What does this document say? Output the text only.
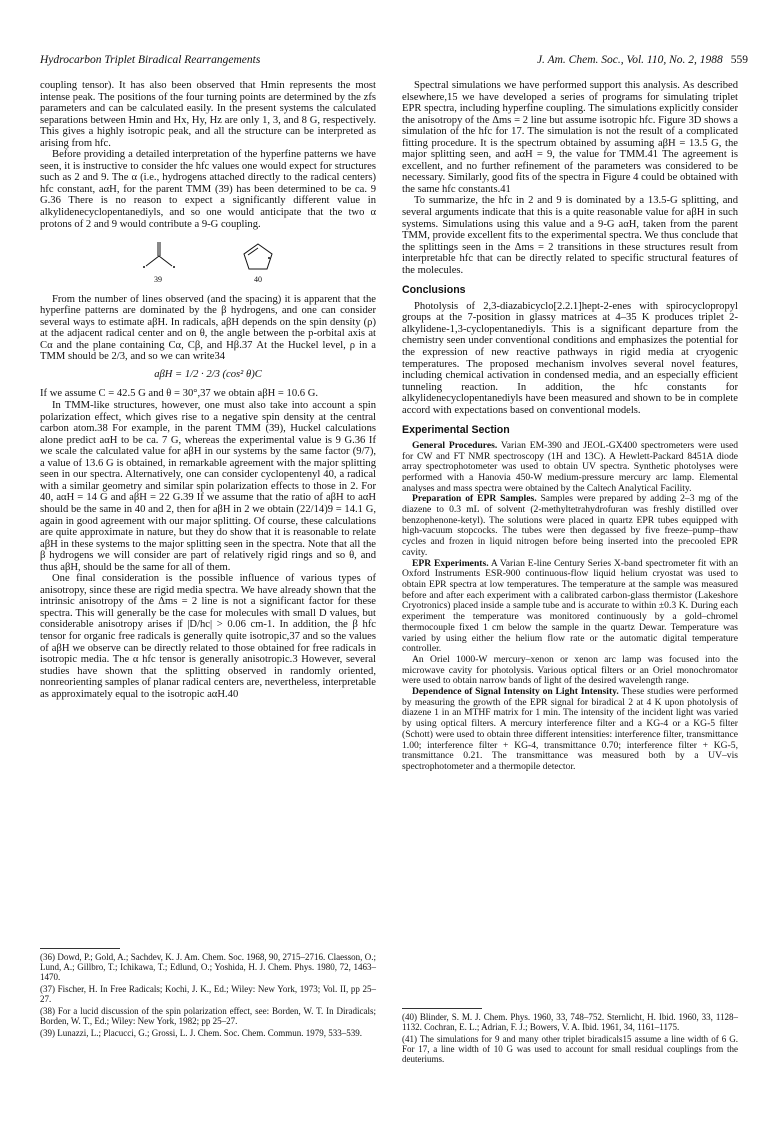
Hydrocarbon Triplet Biradical Rearrangements	J. Am. Chem. Soc., Vol. 110, No. 2, 1988 559

coupling tensor). It has also been observed that Hmin represents the most intense peak. The positions of the four turning points are determined by the zfs parameters and can be calculated easily. In the present systems the calculated separations between Hmin and Hx, Hy, Hz are only 1, 3, and 8 G, respectively. This gives a highly isotropic peak, and all the structure can be interpreted as arising from hfc.

Before providing a detailed interpretation of the hyperfine patterns we have seen, it is instructive to consider the hfc values one would expect for structures such as 2 and 9. The α (i.e., hydrogens attached directly to the radical centers) hfc constant, aαH, for the parent TMM (39) has been determined to be ca. 9 G.36 There is no reason to expect a significantly different value in alkylidenecyclopentanediyls, and so one would anticipate that the two α protons of 2 and 9 would contribute a 9-G coupling.

39	40

From the number of lines observed (and the spacing) it is apparent that the hyperfine patterns are dominated by the β hydrogens, and one can consider several ways to estimate aβH. In radicals, aβH depends on the spin density (ρ) at the adjacent radical center and on θ, the angle between the p-orbital axis at Cα and the plane containing Cα, Cβ, and Hβ.37 At the Huckel level, ρ in a TMM should be 2/3, and so we can write34

aβH = 1/2 · 2/3 (cos² θ)C

If we assume C = 42.5 G and θ = 30°,37 we obtain aβH = 10.6 G.

In TMM-like structures, however, one must also take into account a spin polarization effect, which gives rise to a negative spin density at the central carbon atom.38 For example, in the parent TMM (39), Huckel calculations alone predict aαH to be ca. 7 G, whereas the experimental value is 9 G.36 If we scale the calculated value for aβH in our systems by the same factor (9/7), a value of 13.6 G is obtained, in remarkable agreement with the major splitting seen in our spectra. Alternatively, one can consider cyclopentenyl 40, a radical with a similar geometry and similar spin polarization effects to those in 2. For 40, aαH = 14 G and aβH = 22 G.39 If we assume that the ratio of aβH to aαH should be the same in 40 and 2, then for aβH in 2 we obtain (22/14)9 = 14.1 G, again in good agreement with our major splitting. Of course, these calculations are quite approximate in nature, but they do show that it is reasonable to relate aβH in these systems to the major splitting seen in the spectra. Note that all the β hydrogens we will consider are part of relatively rigid rings and so θ, and thus aβH, should be the same for all of them.

One final consideration is the possible influence of various types of anisotropy, since these are rigid media spectra. We have already shown that the intrinsic anisotropy of the Δms = 2 line is not a significant factor for these spectra. This will generally be the case for molecules with small D values, but considerable anisotropy arises if |D/hc| > 0.06 cm-1. In addition, the β hfc tensor for organic free radicals is generally quite isotropic,37 and so the values of aβH we observe can be directly related to those obtained for free radicals in isotropic media. The α hfc tensor is generally anisotropic.3 However, several studies have shown that the splitting observed in randomly oriented, nonreorienting samples of planar radical centers are, nevertheless, interpretable as approximately equal to the isotropic aαH.40

Spectral simulations we have performed support this analysis. As described elsewhere,15 we have developed a series of programs for simulating triplet EPR spectra, including hyperfine coupling. The simulations explicitly consider the anisotropy of the Δms = 2 line but assume isotropic hfc. Figure 3D shows a simulation of the hfc for 17. The simulation is not the result of a complicated fitting procedure. It is the spectrum obtained by assuming aβH = 13.5 G, the major splitting seen, and aαH = 9, the value for TMM.41 The agreement is excellent, and no further refinement of the parameters was considered to be necessary. Similarly, good fits of the spectra in Figure 4 could be obtained with the same hfc constants.41

To summarize, the hfc in 2 and 9 is dominated by a 13.5-G splitting, and several arguments indicate that this is a quite reasonable value for aβH in such systems. Simulations using this value and a 9-G aαH, taken from the parent TMM, provide excellent fits to the experimental spectra. We thus conclude that the splittings seen in the Δms = 2 transitions in these structures result from interpretable hfc that can be directly related to specific structural features of the molecules.

Conclusions

Photolysis of 2,3-diazabicyclo[2.2.1]hept-2-enes with spirocyclopropyl groups at the 7-position in glassy matrices at 4–35 K produces triplet 2-alkylidene-1,3-cyclopentanediyls. This is a significant departure from the chemistry seen under conventional conditions and emphasizes the potential for the expression of new reactive pathways in rigid media at cryogenic temperatures. The proposed mechanism involves several novel features, including chemical activation in condensed media, and an especially efficient tunneling reaction. In addition, the hfc constants for alkylidenecyclopentanediyls have been measured and shown to be in complete accord with expectations based on conventional models.

Experimental Section

General Procedures. Varian EM-390 and JEOL-GX400 spectrometers were used for CW and FT NMR spectroscopy (1H and 13C). A Hewlett-Packard 8451A diode array spectrophotometer was used to obtain UV spectra. Synthetic photolyses were performed with a Hanovia 450-W medium-pressure mercury arc lamp. Elemental analyses and mass spectra were obtained by the Caltech Analytical Facility.

Preparation of EPR Samples. Samples were prepared by adding 2–3 mg of the diazene to 0.3 mL of solvent (2-methyltetrahydrofuran was freshly distilled over benzophenone-ketyl). The solutions were placed in quartz EPR tubes equipped with high-vacuum stopcocks. The tubes were then degassed by five freeze–pump–thaw cycles and frozen in liquid nitrogen before being inserted into the precooled EPR cavity.

EPR Experiments. A Varian E-line Century Series X-band spectrometer fit with an Oxford Instruments ESR-900 continuous-flow liquid helium cryostat was used to obtain EPR spectra at low temperatures. The temperature at the sample was measured before and after each experiment with a calibrated carbon-glass thermistor (Lakeshore Cryotronics) placed inside a sample tube and is accurate to within ±0.3 K. During each experiment the temperature was monitored continuously by a gold–chromel thermocouple fixed 1 cm below the sample in the quartz Dewar. Temperature was varied by using either the helium flow rate or the automatic digital temperature controller.

An Oriel 1000-W mercury–xenon or xenon arc lamp was focused into the microwave cavity for photolysis. Various optical filters or an Oriel monochromator were used to obtain narrow bands of light of the desired wavelength range.

Dependence of Signal Intensity on Light Intensity. These studies were performed by measuring the growth of the EPR signal for biradical 2 at 4 K upon photolysis of diazene 1 in an MTHF matrix for 1 min. The intensity of the incident light was varied by using optical filters. A mercury interference filter and a KG-4 or a KG-5 filter (Schott) were used to obtain three different intensities: interference filter, transmittance 1.00; interference filter + KG-4, transmittance 0.70; interference filter + KG-5, transmittance 0.21. The transmittance was measured both by a UV–vis spectrophotometer and a thermopile detector.

(36) Dowd, P.; Gold, A.; Sachdev, K. J. Am. Chem. Soc. 1968, 90, 2715–2716. Claesson, O.; Lund, A.; Gillbro, T.; Ichikawa, T.; Edlund, O.; Yoshida, H. J. Chem. Phys. 1980, 72, 1463–1470.

(37) Fischer, H. In Free Radicals; Kochi, J. K., Ed.; Wiley: New York, 1973; Vol. II, pp 25–27.

(38) For a lucid discussion of the spin polarization effect, see: Borden, W. T. In Diradicals; Borden, W. T., Ed.; Wiley: New York, 1982; pp 25–27.

(39) Lunazzi, L.; Placucci, G.; Grossi, L. J. Chem. Soc. Chem. Commun. 1979, 533–539.

(40) Blinder, S. M. J. Chem. Phys. 1960, 33, 748–752. Sternlicht, H. Ibid. 1960, 33, 1128–1132. Cochran, E. L.; Adrian, F. J.; Bowers, V. A. Ibid. 1961, 34, 1161–1175.

(41) The simulations for 9 and many other triplet biradicals15 assume a line width of 6 G. For 17, a line width of 10 G was used to account for small residual couplings from the deuteriums.
